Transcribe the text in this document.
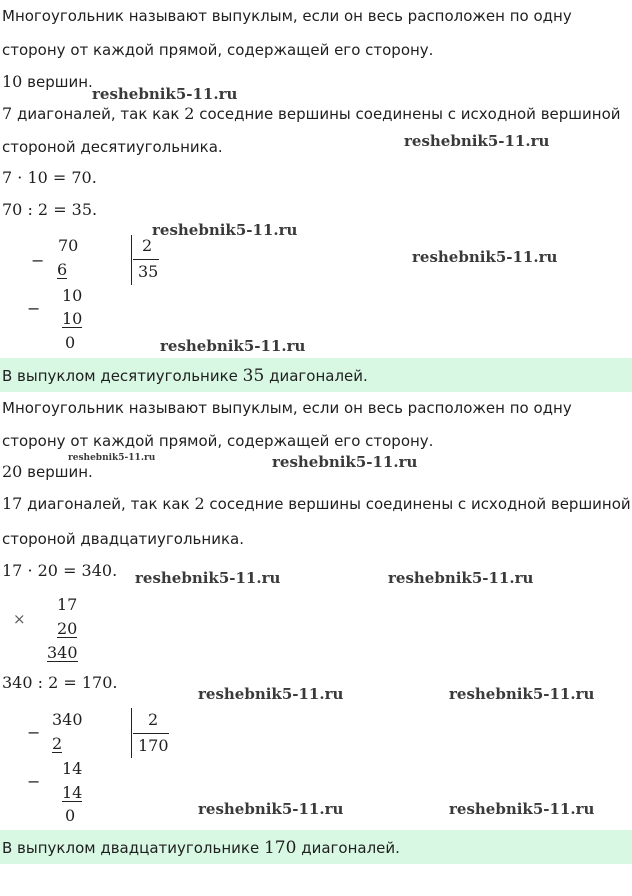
Многоугольник называют выпуклым, если он весь расположен по одну
сторону от каждой прямой, содержащей его сторону.
10 вершин.
reshebnik5-11.ru
7 диагоналей, так как 2 соседние вершины соединены с исходной вершиной
стороной десятиугольника.	reshebnik5-11.ru
7 · 10 = 70.
70 : 2 = 35.
reshebnik5-11.ru
reshebnik5-11.ru
−
70
6
−
10
10
0
2
35
reshebnik5-11.ru
В выпуклом десятиугольнике 35 диагоналей.
Многоугольник называют выпуклым, если он весь расположен по одну
сторону от каждой прямой, содержащей его сторону.
20 вершин.
reshebnik5-11.ru	reshebnik5-11.ru
17 диагоналей, так как 2 соседние вершины соединены с исходной вершиной
стороной двадцатиугольника.
17 · 20 = 340. reshebnik5-11.ru	reshebnik5-11.ru
×
17
20
340
340 : 2 = 170.
reshebnik5-11.ru	reshebnik5-11.ru
−
340
2
−
14
14
0
2
170
reshebnik5-11.ru	reshebnik5-11.ru
В выпуклом двадцатиугольнике 170 диагоналей.
